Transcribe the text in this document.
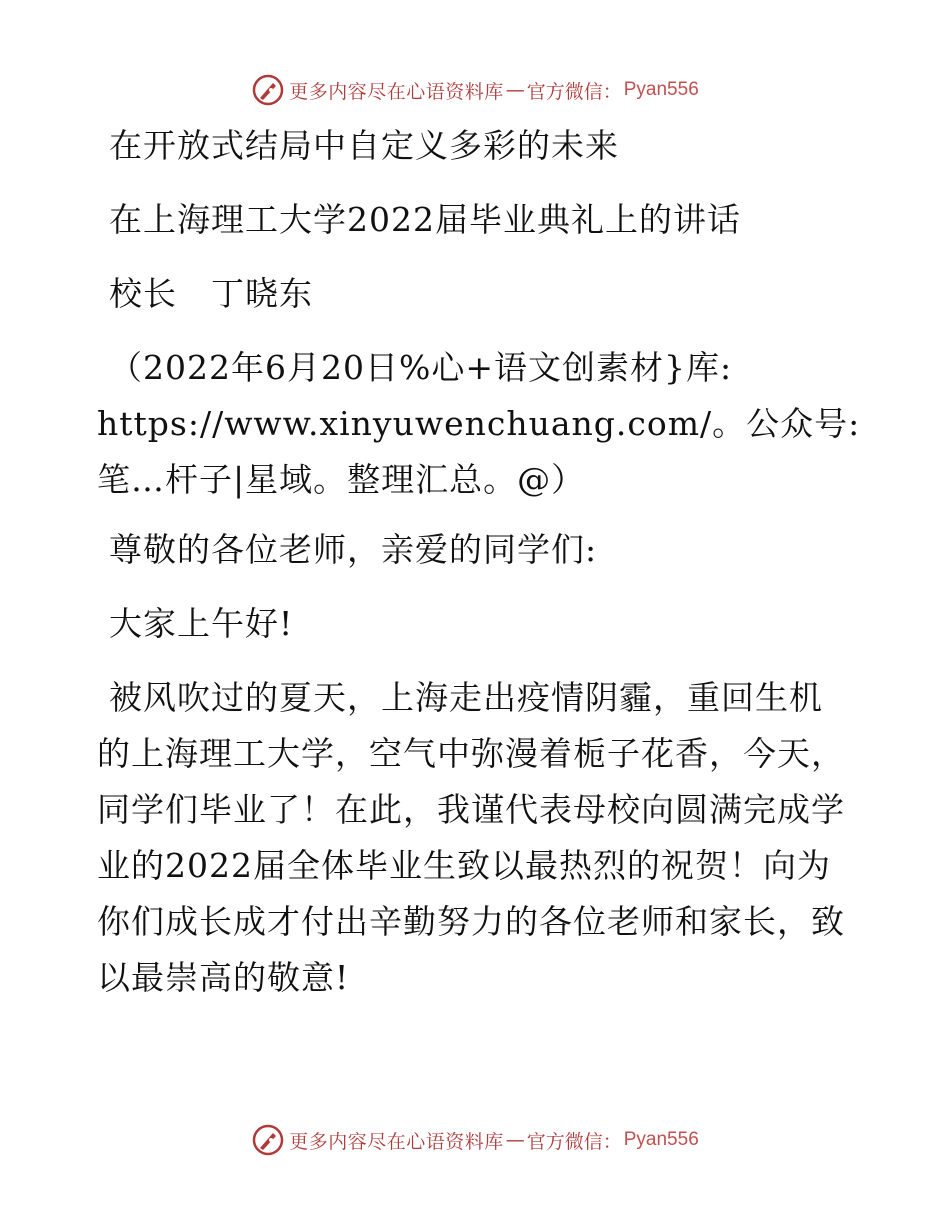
更多内容尽在心语资料库 — 官方微信： Pyan556
在开放式结局中自定义多彩的未来
在上海理工大学2022届毕业典礼上的讲话
校长　丁晓东
（2022年6月20日%心+语文创素材}库:
https://www.xinyuwenchuang.com/。公众号:
笔…杆子|星域。整理汇总。@）
尊敬的各位老师，亲爱的同学们:
大家上午好!
被风吹过的夏天，上海走出疫情阴霾，重回生机
的上海理工大学，空气中弥漫着栀子花香，今天，
同学们毕业了！在此，我谨代表母校向圆满完成学
业的2022届全体毕业生致以最热烈的祝贺！向为
你们成长成才付出辛勤努力的各位老师和家长，致
以最崇高的敬意!
更多内容尽在心语资料库 — 官方微信： Pyan556
